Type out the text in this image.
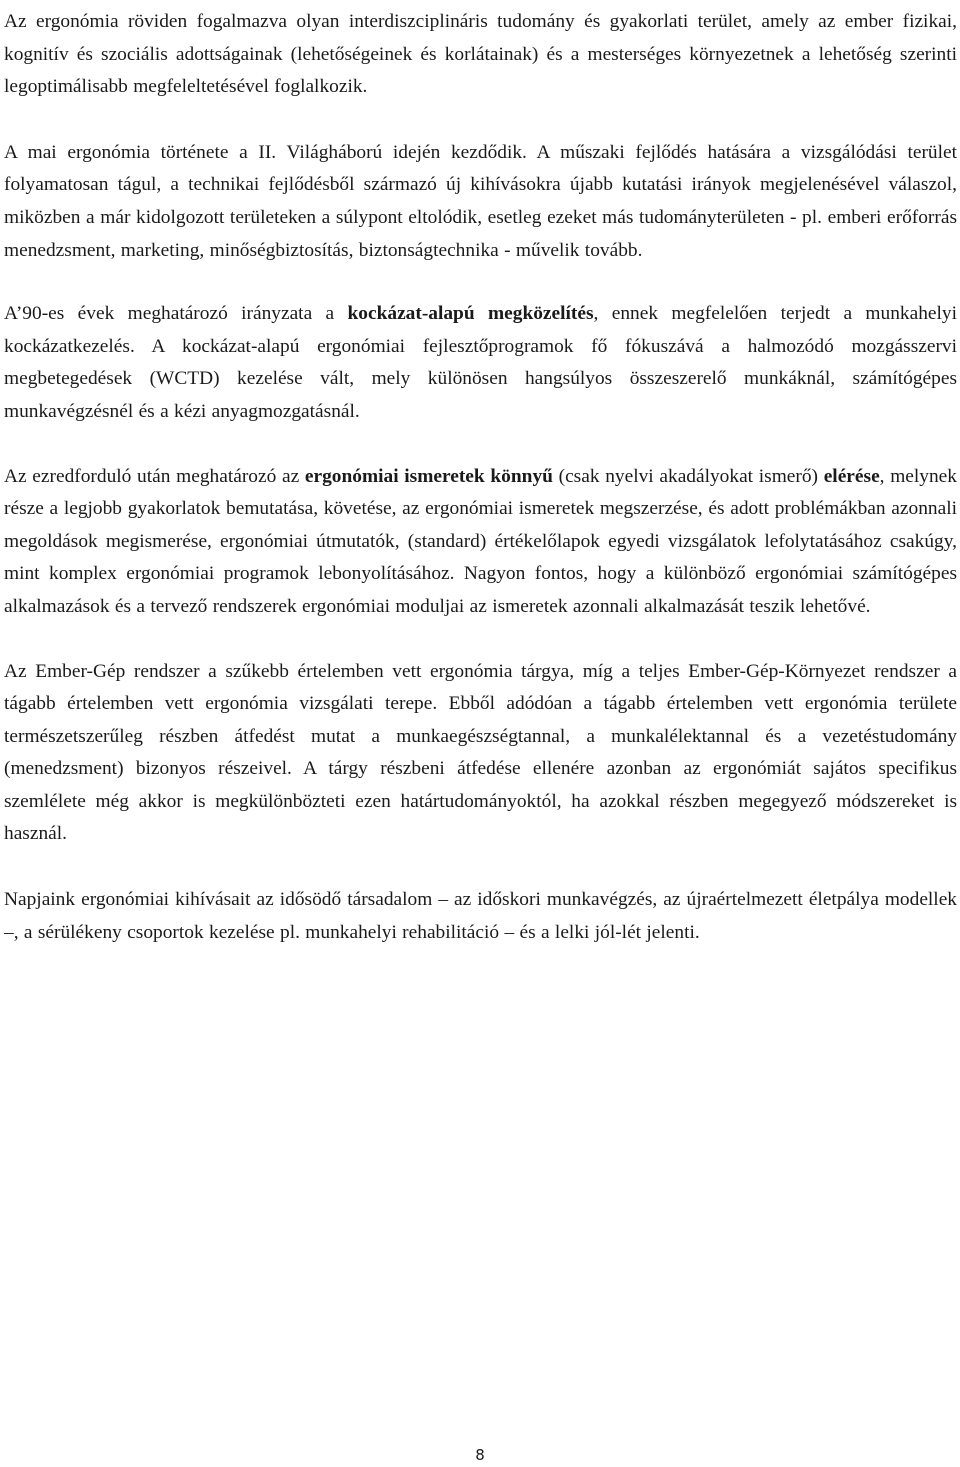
Az ergonómia röviden fogalmazva olyan interdiszciplináris tudomány és gyakorlati terület, amely az ember fizikai, kognitív és szociális adottságainak (lehetőségeinek és korlátainak) és a mesterséges környezetnek a lehetőség szerinti legoptimálisabb megfeleltetésével foglalkozik.

A mai ergonómia története a II. Világháború idején kezdődik. A műszaki fejlődés hatására a vizsgálódási terület folyamatosan tágul, a technikai fejlődésből származó új kihívásokra újabb kutatási irányok megjelenésével válaszol, miközben a már kidolgozott területeken a súlypont eltolódik, esetleg ezeket más tudományterületen - pl. emberi erőforrás menedzsment, marketing, minőségbiztosítás, biztonságtechnika - művelik tovább.

A’90-es évek meghatározó irányzata a kockázat-alapú megközelítés, ennek megfelelően terjedt a munkahelyi kockázatkezelés. A kockázat-alapú ergonómiai fejlesztőprogramok fő fókuszává a halmozódó mozgásszervi megbetegedések (WCTD) kezelése vált, mely különösen hangsúlyos összeszerelő munkáknál, számítógépes munkavégzésnél és a kézi anyagmozgatásnál.

Az ezredforduló után meghatározó az ergonómiai ismeretek könnyű (csak nyelvi akadályokat ismerő) elérése, melynek része a legjobb gyakorlatok bemutatása, követése, az ergonómiai ismeretek megszerzése, és adott problémákban azonnali megoldások megismerése, ergonómiai útmutatók, (standard) értékelőlapok egyedi vizsgálatok lefolytatásához csakúgy, mint komplex ergonómiai programok lebonyolításához. Nagyon fontos, hogy a különböző ergonómiai számítógépes alkalmazások és a tervező rendszerek ergonómiai moduljai az ismeretek azonnali alkalmazását teszik lehetővé.

Az Ember-Gép rendszer a szűkebb értelemben vett ergonómia tárgya, míg a teljes Ember-Gép-Környezet rendszer a tágabb értelemben vett ergonómia vizsgálati terepe. Ebből adódóan a tágabb értelemben vett ergonómia területe természetszerűleg részben átfedést mutat a munkaegészségtannal, a munkalélektannal és a vezetéstudomány (menedzsment) bizonyos részeivel. A tárgy részbeni átfedése ellenére azonban az ergonómiát sajátos specifikus szemlélete még akkor is megkülönbözteti ezen határtudományoktól, ha azokkal részben megegyező módszereket is használ.

Napjaink ergonómiai kihívásait az idősödő társadalom – az időskori munkavégzés, az újraértelmezett életpálya modellek –, a sérülékeny csoportok kezelése pl. munkahelyi rehabilitáció – és a lelki jól-lét jelenti.

8
